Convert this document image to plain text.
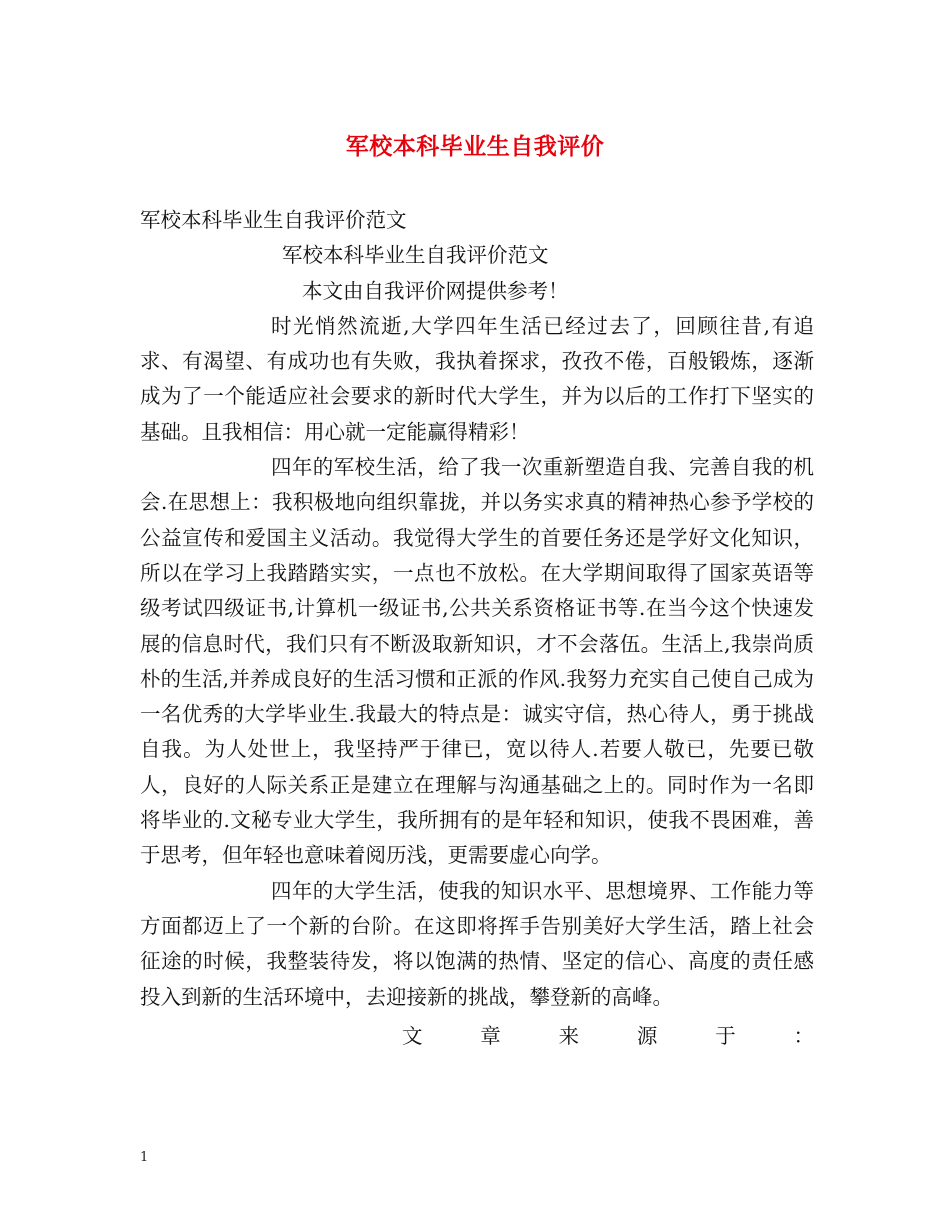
军校本科毕业生自我评价

军校本科毕业生自我评价范文

军校本科毕业生自我评价范文

本文由自我评价网提供参考！

时光悄然流逝,大学四年生活已经过去了，回顾往昔,有追求、有渴望、有成功也有失败，我执着探求，孜孜不倦，百般锻炼，逐渐成为了一个能适应社会要求的新时代大学生，并为以后的工作打下坚实的基础。且我相信：用心就一定能赢得精彩！

四年的军校生活，给了我一次重新塑造自我、完善自我的机会.在思想上：我积极地向组织靠拢，并以务实求真的精神热心参予学校的公益宣传和爱国主义活动。我觉得大学生的首要任务还是学好文化知识，所以在学习上我踏踏实实，一点也不放松。在大学期间取得了国家英语等级考试四级证书,计算机一级证书,公共关系资格证书等.在当今这个快速发展的信息时代，我们只有不断汲取新知识，才不会落伍。生活上,我崇尚质朴的生活,并养成良好的生活习惯和正派的作风.我努力充实自己使自己成为一名优秀的大学毕业生.我最大的特点是：诚实守信，热心待人，勇于挑战自我。为人处世上，我坚持严于律已，宽以待人.若要人敬已，先要已敬人，良好的人际关系正是建立在理解与沟通基础之上的。同时作为一名即将毕业的.文秘专业大学生，我所拥有的是年轻和知识，使我不畏困难，善于思考，但年轻也意味着阅历浅，更需要虚心向学。

四年的大学生活，使我的知识水平、思想境界、工作能力等方面都迈上了一个新的台阶。在这即将挥手告别美好大学生活，踏上社会征途的时候，我整装待发，将以饱满的热情、坚定的信心、高度的责任感投入到新的生活环境中，去迎接新的挑战，攀登新的高峰。

文	章	来	源	于	：
1
